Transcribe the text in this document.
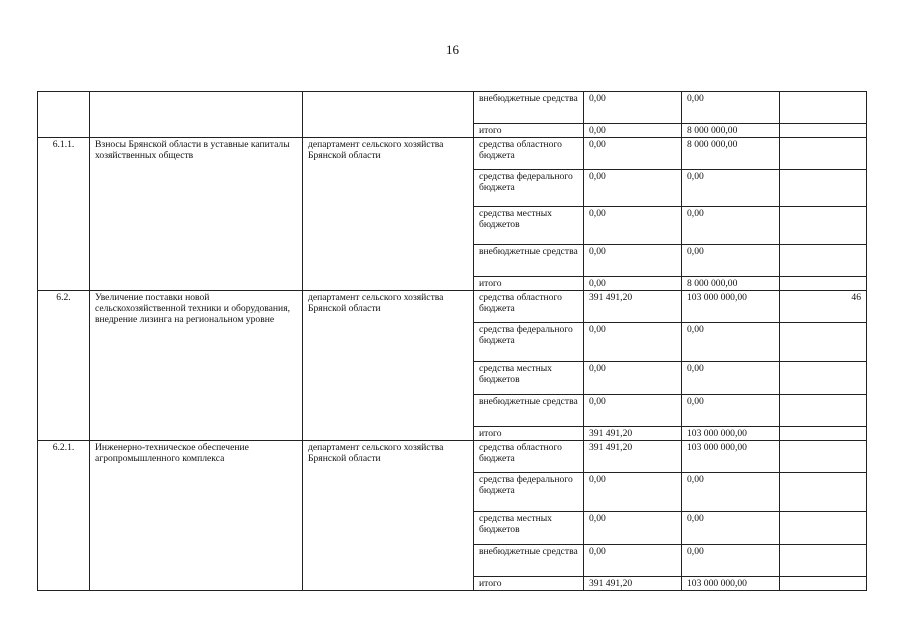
16
			внебюджетные средства	0,00	0,00	
			итого	0,00	8 000 000,00	
6.1.1.	Взносы Брянской области в уставные капиталы хозяйственных обществ	департамент сельского хозяйства Брянской области	средства областного бюджета	0,00	8 000 000,00	
			средства федерального бюджета	0,00	0,00	
			средства местных бюджетов	0,00	0,00	
			внебюджетные средства	0,00	0,00	
			итого	0,00	8 000 000,00	
6.2.	Увеличение поставки новой сельскохозяйственной техники и оборудования, внедрение лизинга на региональном уровне	департамент сельского хозяйства Брянской области	средства областного бюджета	391 491,20	103 000 000,00	46
			средства федерального бюджета	0,00	0,00	
			средства местных бюджетов	0,00	0,00	
			внебюджетные средства	0,00	0,00	
			итого	391 491,20	103 000 000,00	
6.2.1.	Инженерно-техническое обеспечение агропромышленного комплекса	департамент сельского хозяйства Брянской области	средства областного бюджета	391 491,20	103 000 000,00	
			средства федерального бюджета	0,00	0,00	
			средства местных бюджетов	0,00	0,00	
			внебюджетные средства	0,00	0,00	
			итого	391 491,20	103 000 000,00	
